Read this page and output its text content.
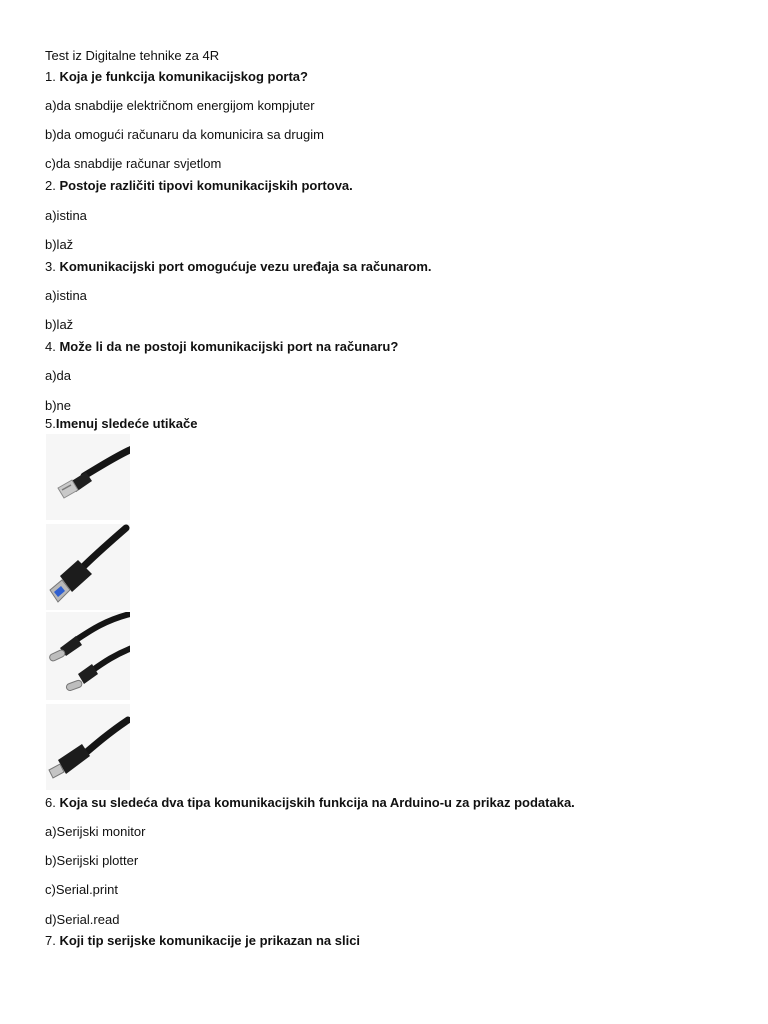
Test iz Digitalne tehnike za 4R
1. Koja je funkcija komunikacijskog porta?
a)da snabdije električnom energijom kompjuter
b)da omogući računaru da komunicira sa drugim
c)da snabdije računar svjetlom
2. Postoje različiti tipovi komunikacijskih portova.
a)istina
b)laž
3. Komunikacijski port omogućuje vezu uređaja sa računarom.
a)istina
b)laž
4. Može li da ne postoji komunikacijski port na računaru?
a)da
b)ne
5.Imenuj sledeće utikače
6. Koja su sledeća dva tipa komunikacijskih funkcija na Arduino-u za prikaz podataka.
a)Serijski monitor
b)Serijski plotter
c)Serial.print
d)Serial.read
7. Koji tip serijske komunikacije je prikazan na slici
